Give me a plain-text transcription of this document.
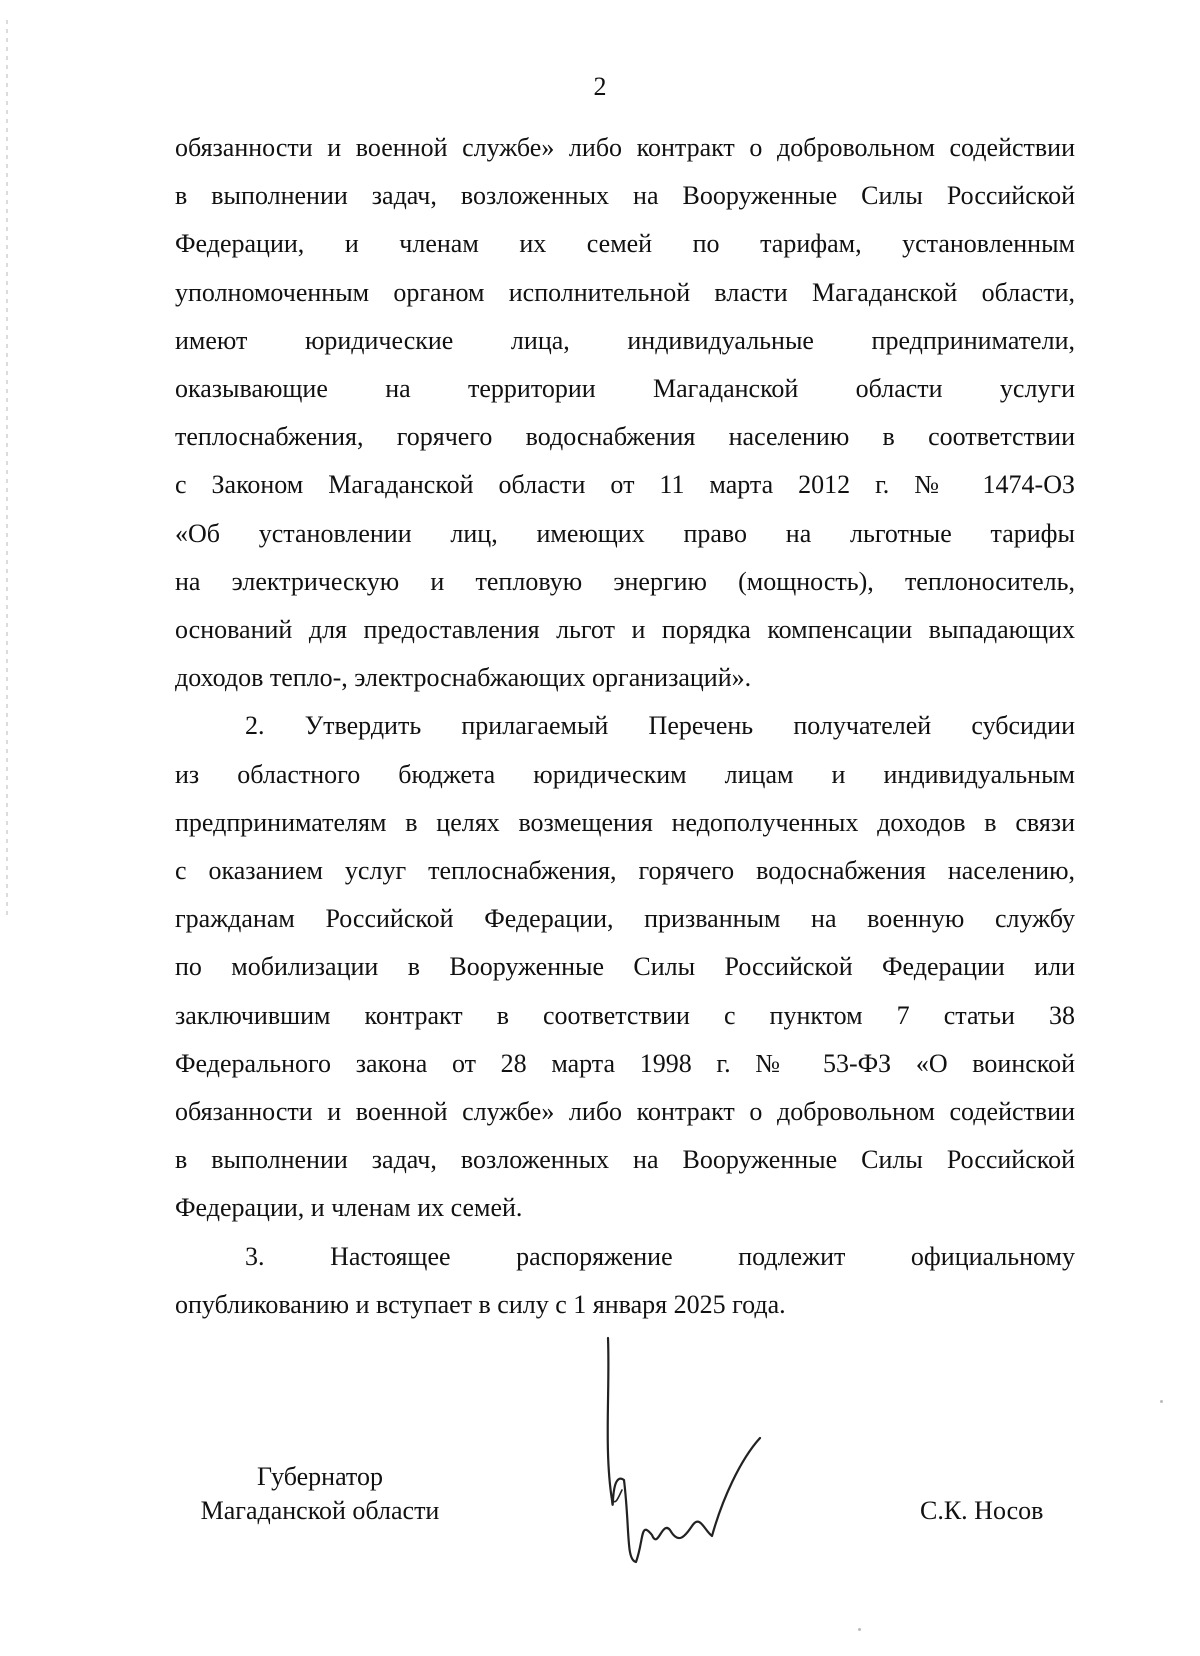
2

обязанности и военной службе» либо контракт о добровольном содействии
в выполнении задач, возложенных на Вооруженные Силы Российской
Федерации, и членам их семей по тарифам, установленным
уполномоченным органом исполнительной власти Магаданской области,
имеют юридические лица, индивидуальные предприниматели,
оказывающие на территории Магаданской области услуги
теплоснабжения, горячего водоснабжения населению в соответствии
с Законом Магаданской области от 11 марта 2012 г. № 1474-ОЗ
«Об установлении лиц, имеющих право на льготные тарифы
на электрическую и тепловую энергию (мощность), теплоноситель,
оснований для предоставления льгот и порядка компенсации выпадающих
доходов тепло-, электроснабжающих организаций».

2. Утвердить прилагаемый Перечень получателей субсидии
из областного бюджета юридическим лицам и индивидуальным
предпринимателям в целях возмещения недополученных доходов в связи
с оказанием услуг теплоснабжения, горячего водоснабжения населению,
гражданам Российской Федерации, призванным на военную службу
по мобилизации в Вооруженные Силы Российской Федерации или
заключившим контракт в соответствии с пунктом 7 статьи 38
Федерального закона от 28 марта 1998 г. № 53-ФЗ «О воинской
обязанности и военной службе» либо контракт о добровольном содействии
в выполнении задач, возложенных на Вооруженные Силы Российской
Федерации, и членам их семей.

3. Настоящее распоряжение подлежит официальному
опубликованию и вступает в силу с 1 января 2025 года.

Губернатор
Магаданской области	С.К. Носов
